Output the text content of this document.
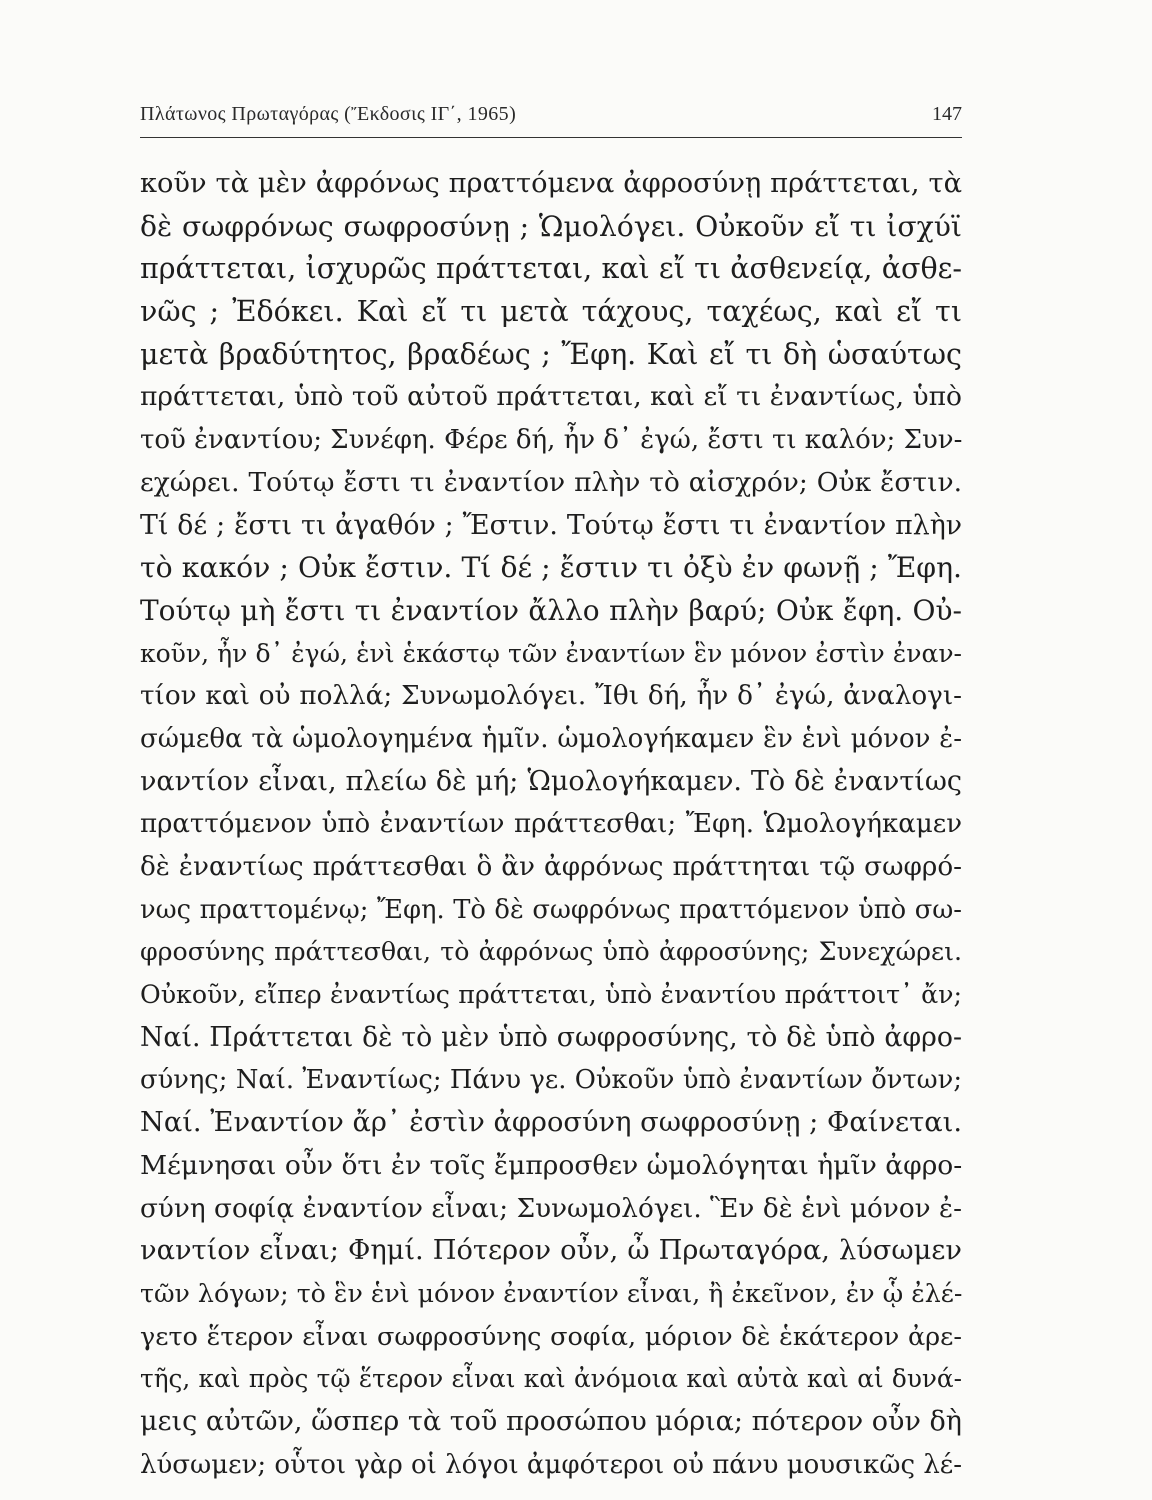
Πλάτωνος Πρωταγόρας (Ἔκδοσις ΙΓ΄, 1965)	147
κοῦν τὰ μὲν ἀφρόνως πραττόμενα ἀφροσύνῃ πράττεται, τὰ
δὲ σωφρόνως σωφροσύνῃ ; Ὡμολόγει. Οὐκοῦν εἴ τι ἰσχύϊ
πράττεται, ἰσχυρῶς πράττεται, καὶ εἴ τι ἀσθενείᾳ, ἀσθε-
νῶς ; Ἐδόκει. Καὶ εἴ τι μετὰ τάχους, ταχέως, καὶ εἴ τι
μετὰ βραδύτητος, βραδέως ; Ἔφη. Καὶ εἴ τι δὴ ὡσαύτως
πράττεται, ὑπὸ τοῦ αὐτοῦ πράττεται, καὶ εἴ τι ἐναντίως, ὑπὸ
τοῦ ἐναντίου; Συνέφη. Φέρε δή, ἦν δ᾽ ἐγώ, ἔστι τι καλόν; Συν-
εχώρει. Τούτῳ ἔστι τι ἐναντίον πλὴν τὸ αἰσχρόν; Οὐκ ἔστιν.
Τί δέ ; ἔστι τι ἀγαθόν ; Ἔστιν. Τούτῳ ἔστι τι ἐναντίον πλὴν
τὸ κακόν ; Οὐκ ἔστιν. Τί δέ ; ἔστιν τι ὀξὺ ἐν φωνῇ ; Ἔφη.
Τούτῳ μὴ ἔστι τι ἐναντίον ἄλλο πλὴν βαρύ; Οὐκ ἔφη. Οὐ-
κοῦν, ἦν δ᾽ ἐγώ, ἑνὶ ἑκάστῳ τῶν ἐναντίων ἓν μόνον ἐστὶν ἐναν-
τίον καὶ οὐ πολλά; Συνωμολόγει. Ἴθι δή, ἦν δ᾽ ἐγώ, ἀναλογι-
σώμεθα τὰ ὡμολογημένα ἡμῖν. ὡμολογήκαμεν ἓν ἑνὶ μόνον ἐ-
ναντίον εἶναι, πλείω δὲ μή; Ὡμολογήκαμεν. Τὸ δὲ ἐναντίως
πραττόμενον ὑπὸ ἐναντίων πράττεσθαι; Ἔφη. Ὡμολογήκαμεν
δὲ ἐναντίως πράττεσθαι ὃ ἂν ἀφρόνως πράττηται τῷ σωφρό-
νως πραττομένῳ; Ἔφη. Τὸ δὲ σωφρόνως πραττόμενον ὑπὸ σω-
φροσύνης πράττεσθαι, τὸ ἀφρόνως ὑπὸ ἀφροσύνης; Συνεχώρει.
Οὐκοῦν, εἴπερ ἐναντίως πράττεται, ὑπὸ ἐναντίου πράττοιτ᾽ ἄν;
Ναί. Πράττεται δὲ τὸ μὲν ὑπὸ σωφροσύνης, τὸ δὲ ὑπὸ ἀφρο-
σύνης; Ναί. Ἐναντίως; Πάνυ γε. Οὐκοῦν ὑπὸ ἐναντίων ὄντων;
Ναί. Ἐναντίον ἄρ᾽ ἐστὶν ἀφροσύνη σωφροσύνῃ ; Φαίνεται.
Μέμνησαι οὖν ὅτι ἐν τοῖς ἔμπροσθεν ὡμολόγηται ἡμῖν ἀφρο-
σύνη σοφίᾳ ἐναντίον εἶναι; Συνωμολόγει. Ἓν δὲ ἑνὶ μόνον ἐ-
ναντίον εἶναι; Φημί. Πότερον οὖν, ὦ Πρωταγόρα, λύσωμεν
τῶν λόγων; τὸ ἓν ἑνὶ μόνον ἐναντίον εἶναι, ἢ ἐκεῖνον, ἐν ᾧ ἐλέ-
γετο ἕτερον εἶναι σωφροσύνης σοφία, μόριον δὲ ἑκάτερον ἀρε-
τῆς, καὶ πρὸς τῷ ἕτερον εἶναι καὶ ἀνόμοια καὶ αὐτὰ καὶ αἱ δυνά-
μεις αὐτῶν, ὥσπερ τὰ τοῦ προσώπου μόρια; πότερον οὖν δὴ
λύσωμεν; οὗτοι γὰρ οἱ λόγοι ἀμφότεροι οὐ πάνυ μουσικῶς λέ-
